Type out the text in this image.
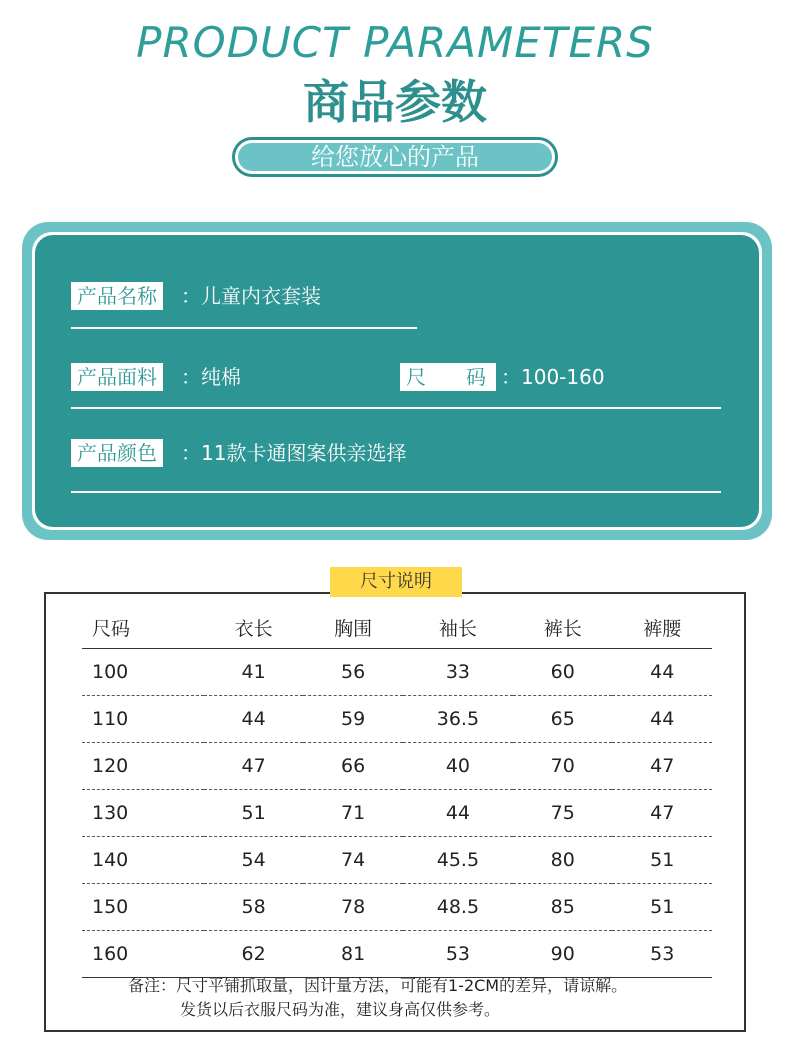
PRODUCT PARAMETERS
商品参数
给您放心的产品
产品名称	：儿童内衣套装
产品面料	：纯棉	尺　　码 ：100-160
产品颜色	：11款卡通图案供亲选择
尺寸说明
尺码	衣长	胸围	袖长	裤长	裤腰
100	41	56	33	60	44
110	44	59	36.5	65	44
120	47	66	40	70	47
130	51	71	44	75	47
140	54	74	45.5	80	51
150	58	78	48.5	85	51
160	62	81	53	90	53
备注：尺寸平铺抓取量，因计量方法，可能有1-2CM的差异，请谅解。
发货以后衣服尺码为准，建议身高仅供参考。
